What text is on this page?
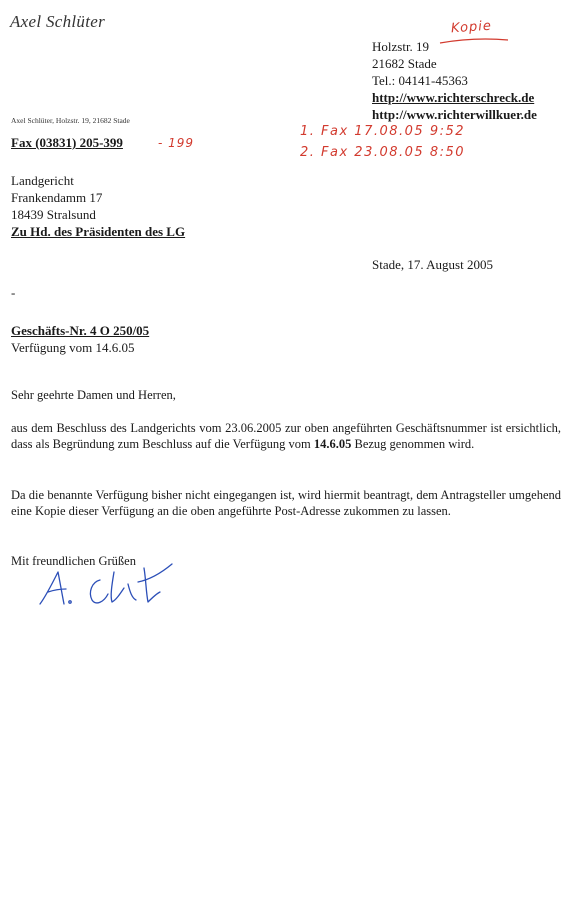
Axel Schlüter	Kopie
Holzstr. 19
21682 Stade
Tel.: 04141-45363
http://www.richterschreck.de
http://www.richterwillkuer.de
Axel Schlüter, Holzstr. 19, 21682 Stade
Fax (03831) 205-399	- 199
1. Fax 17.08.05 9:52
2. Fax 23.08.05 8:50
Landgericht
Frankendamm 17
18439 Stralsund
Zu Hd. des Präsidenten des LG
Stade, 17. August 2005
-
Geschäfts-Nr. 4 O 250/05
Verfügung vom 14.6.05
Sehr geehrte Damen und Herren,
aus dem Beschluss des Landgerichts vom 23.06.2005 zur oben angeführten Geschäftsnummer ist ersichtlich, dass als Begründung zum Beschluss auf die Verfügung vom 14.6.05 Bezug genommen wird.
Da die benannte Verfügung bisher nicht eingegangen ist, wird hiermit beantragt, dem Antragsteller umgehend eine Kopie dieser Verfügung an die oben angeführte Post-Adresse zukommen zu lassen.
Mit freundlichen Grüßen
